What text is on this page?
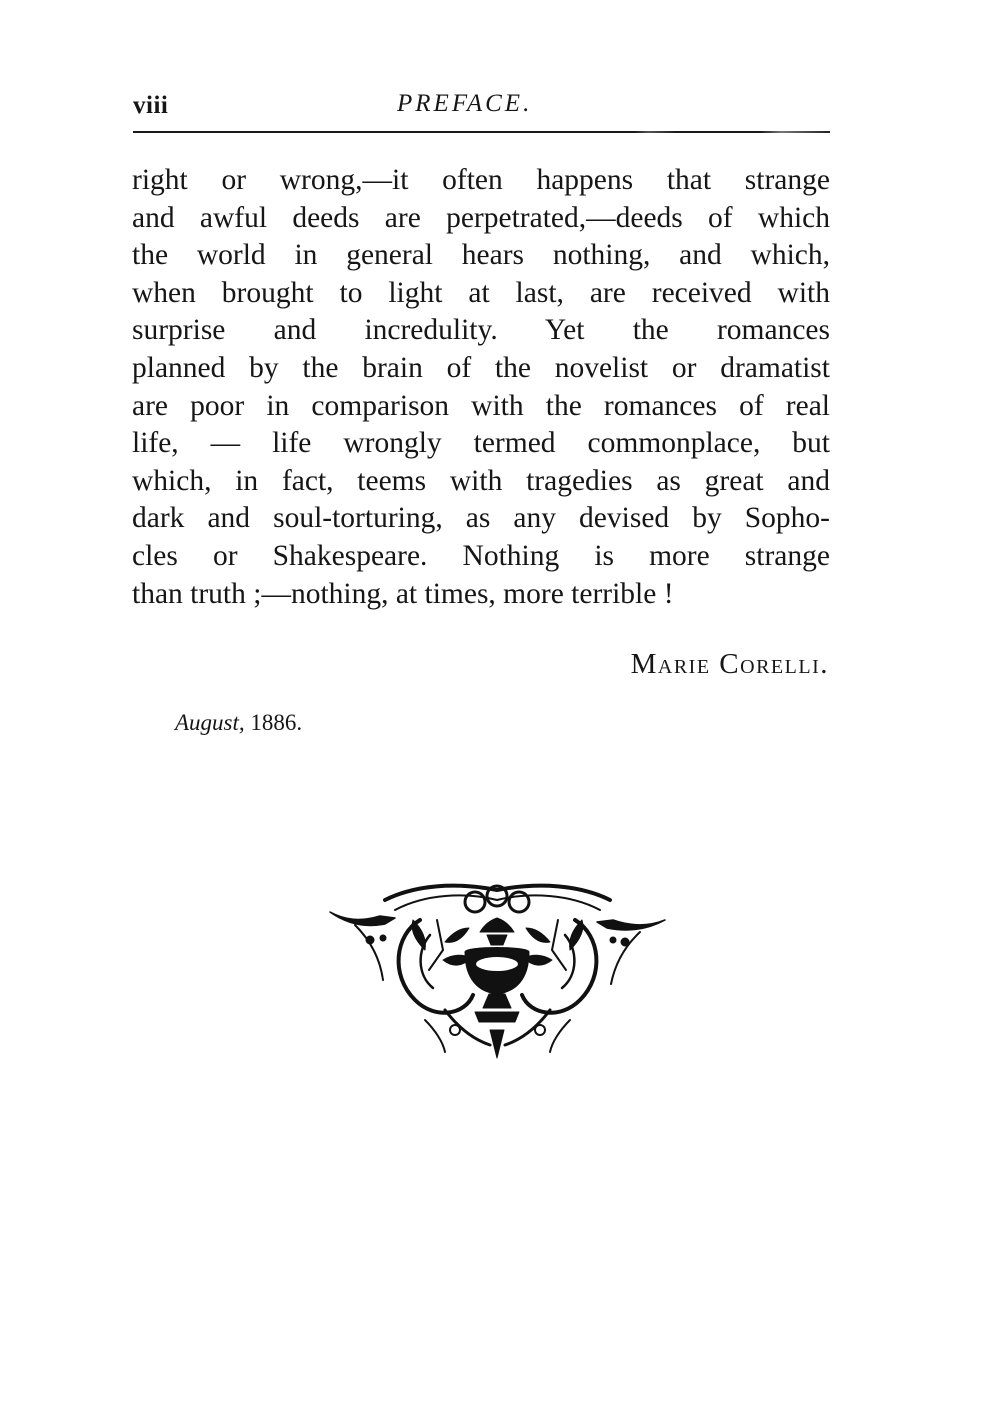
viii	PREFACE.
right or wrong,—it often happens that strange
and awful deeds are perpetrated,—deeds of which
the world in general hears nothing, and which,
when brought to light at last, are received with
surprise and incredulity. Yet the romances
planned by the brain of the novelist or dramatist
are poor in comparison with the romances of real
life, — life wrongly termed commonplace, but
which, in fact, teems with tragedies as great and
dark and soul-torturing, as any devised by Sopho-
cles or Shakespeare. Nothing is more strange
than truth ;—nothing, at times, more terrible !
Marie Corelli.
August, 1886.
